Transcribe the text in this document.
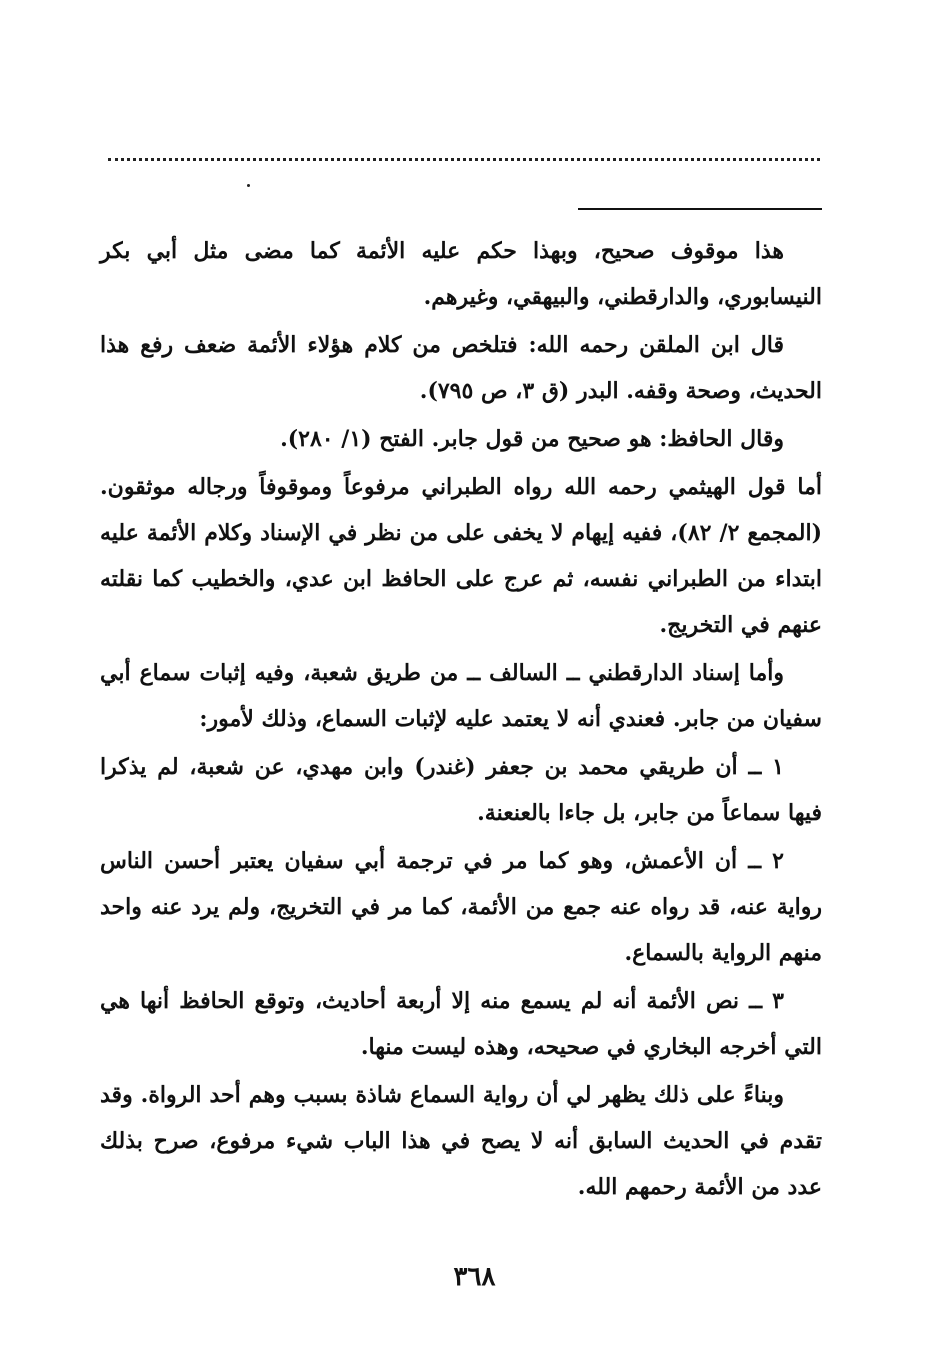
هذا موقوف صحيح، وبهذا حكم عليه الأئمة كما مضى مثل أبي بكر النيسابوري، والدارقطني، والبيهقي، وغيرهم.

قال ابن الملقن رحمه الله: فتلخص من كلام هؤلاء الأئمة ضعف رفع هذا الحديث، وصحة وقفه. البدر (ق ٣، ص ٧٩٥).

وقال الحافظ: هو صحيح من قول جابر. الفتح (١/ ٢٨٠).

أما قول الهيثمي رحمه الله رواه الطبراني مرفوعاً وموقوفاً ورجاله موثقون. (المجمع ٢/ ٨٢)، ففيه إيهام لا يخفى على من نظر في الإسناد وكلام الأئمة عليه ابتداء من الطبراني نفسه، ثم عرج على الحافظ ابن عدي، والخطيب كما نقلته عنهم في التخريج.

وأما إسناد الدارقطني ــ السالف ــ من طريق شعبة، وفيه إثبات سماع أبي سفيان من جابر. فعندي أنه لا يعتمد عليه لإثبات السماع، وذلك لأمور:

١ ــ أن طريقي محمد بن جعفر (غندر) وابن مهدي، عن شعبة، لم يذكرا فيها سماعاً من جابر، بل جاءا بالعنعنة.

٢ ــ أن الأعمش، وهو كما مر في ترجمة أبي سفيان يعتبر أحسن الناس رواية عنه، قد رواه عنه جمع من الأئمة، كما مر في التخريج، ولم يرد عنه واحد منهم الرواية بالسماع.

٣ ــ نص الأئمة أنه لم يسمع منه إلا أربعة أحاديث، وتوقع الحافظ أنها هي التي أخرجه البخاري في صحيحه، وهذه ليست منها.

وبناءً على ذلك يظهر لي أن رواية السماع شاذة بسبب وهم أحد الرواة. وقد تقدم في الحديث السابق أنه لا يصح في هذا الباب شيء مرفوع، صرح بذلك عدد من الأئمة رحمهم الله.

٣٦٨
